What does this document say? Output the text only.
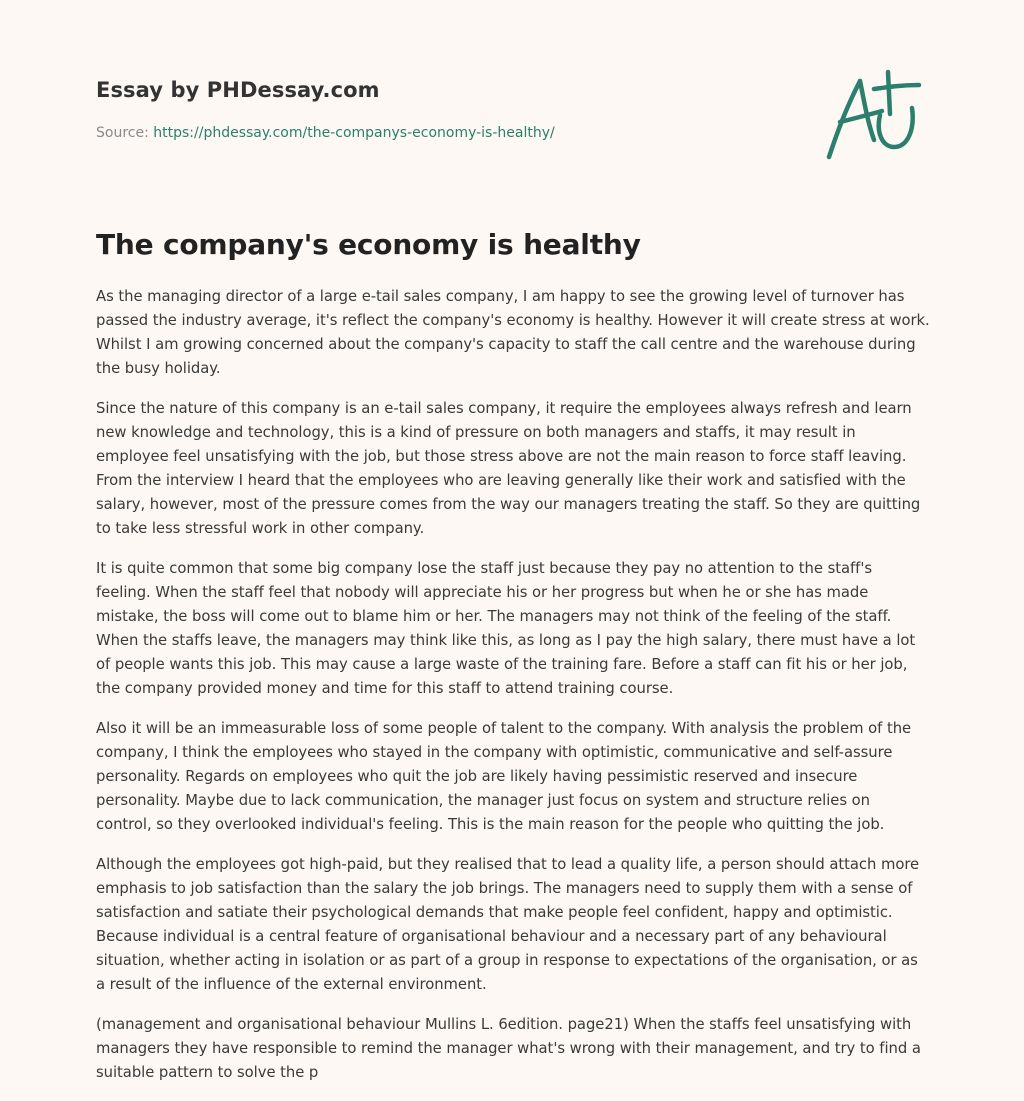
Essay by PHDessay.com
Source: https://phdessay.com/the-companys-economy-is-healthy/
The company's economy is healthy

As the managing director of a large e-tail sales company, I am happy to see the growing level of turnover has passed the industry average, it's reflect the company's economy is healthy. However it will create stress at work. Whilst I am growing concerned about the company's capacity to staff the call centre and the warehouse during the busy holiday.

Since the nature of this company is an e-tail sales company, it require the employees always refresh and learn new knowledge and technology, this is a kind of pressure on both managers and staffs, it may result in employee feel unsatisfying with the job, but those stress above are not the main reason to force staff leaving. From the interview I heard that the employees who are leaving generally like their work and satisfied with the salary, however, most of the pressure comes from the way our managers treating the staff. So they are quitting to take less stressful work in other company.

It is quite common that some big company lose the staff just because they pay no attention to the staff's feeling. When the staff feel that nobody will appreciate his or her progress but when he or she has made mistake, the boss will come out to blame him or her. The managers may not think of the feeling of the staff. When the staffs leave, the managers may think like this, as long as I pay the high salary, there must have a lot of people wants this job. This may cause a large waste of the training fare. Before a staff can fit his or her job, the company provided money and time for this staff to attend training course.

Also it will be an immeasurable loss of some people of talent to the company. With analysis the problem of the company, I think the employees who stayed in the company with optimistic, communicative and self-assure personality. Regards on employees who quit the job are likely having pessimistic reserved and insecure personality. Maybe due to lack communication, the manager just focus on system and structure relies on control, so they overlooked individual's feeling. This is the main reason for the people who quitting the job.

Although the employees got high-paid, but they realised that to lead a quality life, a person should attach more emphasis to job satisfaction than the salary the job brings. The managers need to supply them with a sense of satisfaction and satiate their psychological demands that make people feel confident, happy and optimistic. Because individual is a central feature of organisational behaviour and a necessary part of any behavioural situation, whether acting in isolation or as part of a group in response to expectations of the organisation, or as a result of the influence of the external environment.

(management and organisational behaviour Mullins L. 6edition. page21) When the staffs feel unsatisfying with managers they have responsible to remind the manager what's wrong with their management, and try to find a suitable pattern to solve the p
